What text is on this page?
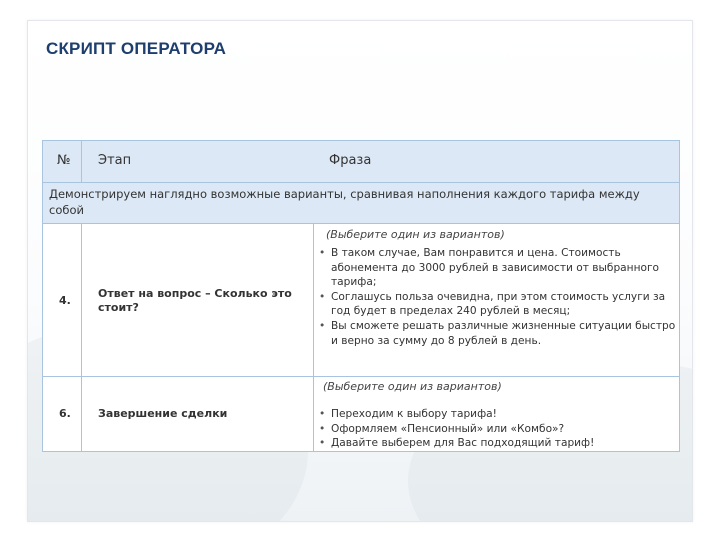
СКРИПТ ОПЕРАТОРА
№ Этап	Фраза
Демонстрируем наглядно возможные варианты, сравнивая наполнения каждого тарифа между собой
(Выберите один из вариантов)
4.
Ответ на вопрос – Сколько это стоит?
• В таком случае, Вам понравится и цена. Стоимость абонемента до 3000 рублей в зависимости от выбранного тарифа;
• Соглашусь польза очевидна, при этом стоимость услуги за год будет в пределах 240 рублей в месяц;
• Вы сможете решать различные жизненные ситуации быстро и верно за сумму до 8 рублей в день.
(Выберите один из вариантов)
6. Завершение сделки
•	Переходим к выбору тарифа!
• Оформляем «Пенсионный» или «Комбо»?
• Давайте выберем для Вас подходящий тариф!
